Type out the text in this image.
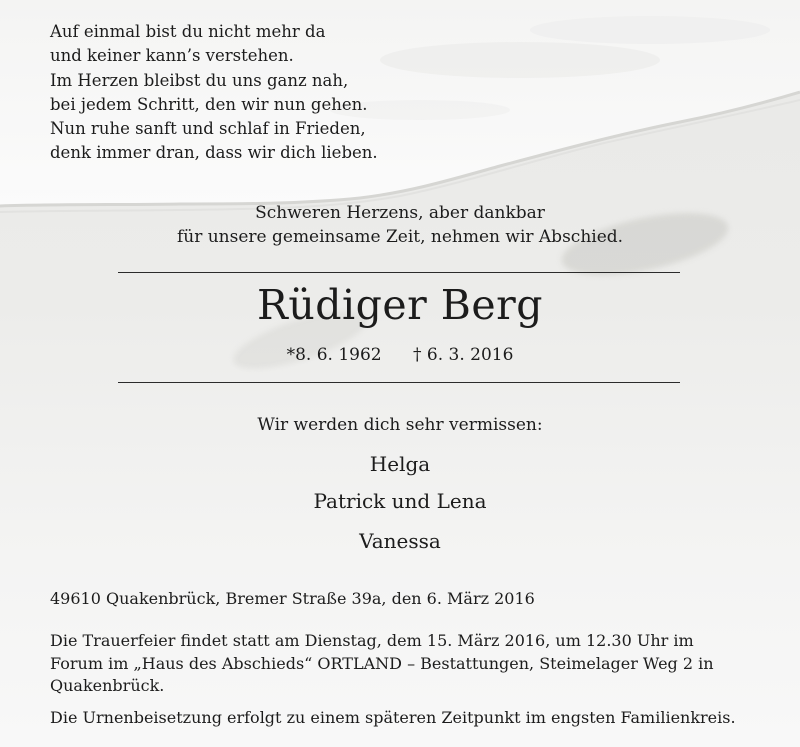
Auf einmal bist du nicht mehr da
und keiner kann’s verstehen.
Im Herzen bleibst du uns ganz nah,
bei jedem Schritt, den wir nun gehen.
Nun ruhe sanft und schlaf in Frieden,
denk immer dran, dass wir dich lieben.
Schweren Herzens, aber dankbar
für unsere gemeinsame Zeit, nehmen wir Abschied.
Rüdiger Berg
*8. 6. 1962 † 6. 3. 2016
Wir werden dich sehr vermissen:
Helga
Patrick und Lena
Vanessa
49610 Quakenbrück, Bremer Straße 39a, den 6. März 2016
Die Trauerfeier findet statt am Dienstag, dem 15. März 2016, um 12.30 Uhr im
Forum im „Haus des Abschieds“ ORTLAND – Bestattungen, Steimelager Weg 2 in
Quakenbrück.
Die Urnenbeisetzung erfolgt zu einem späteren Zeitpunkt im engsten Familienkreis.
